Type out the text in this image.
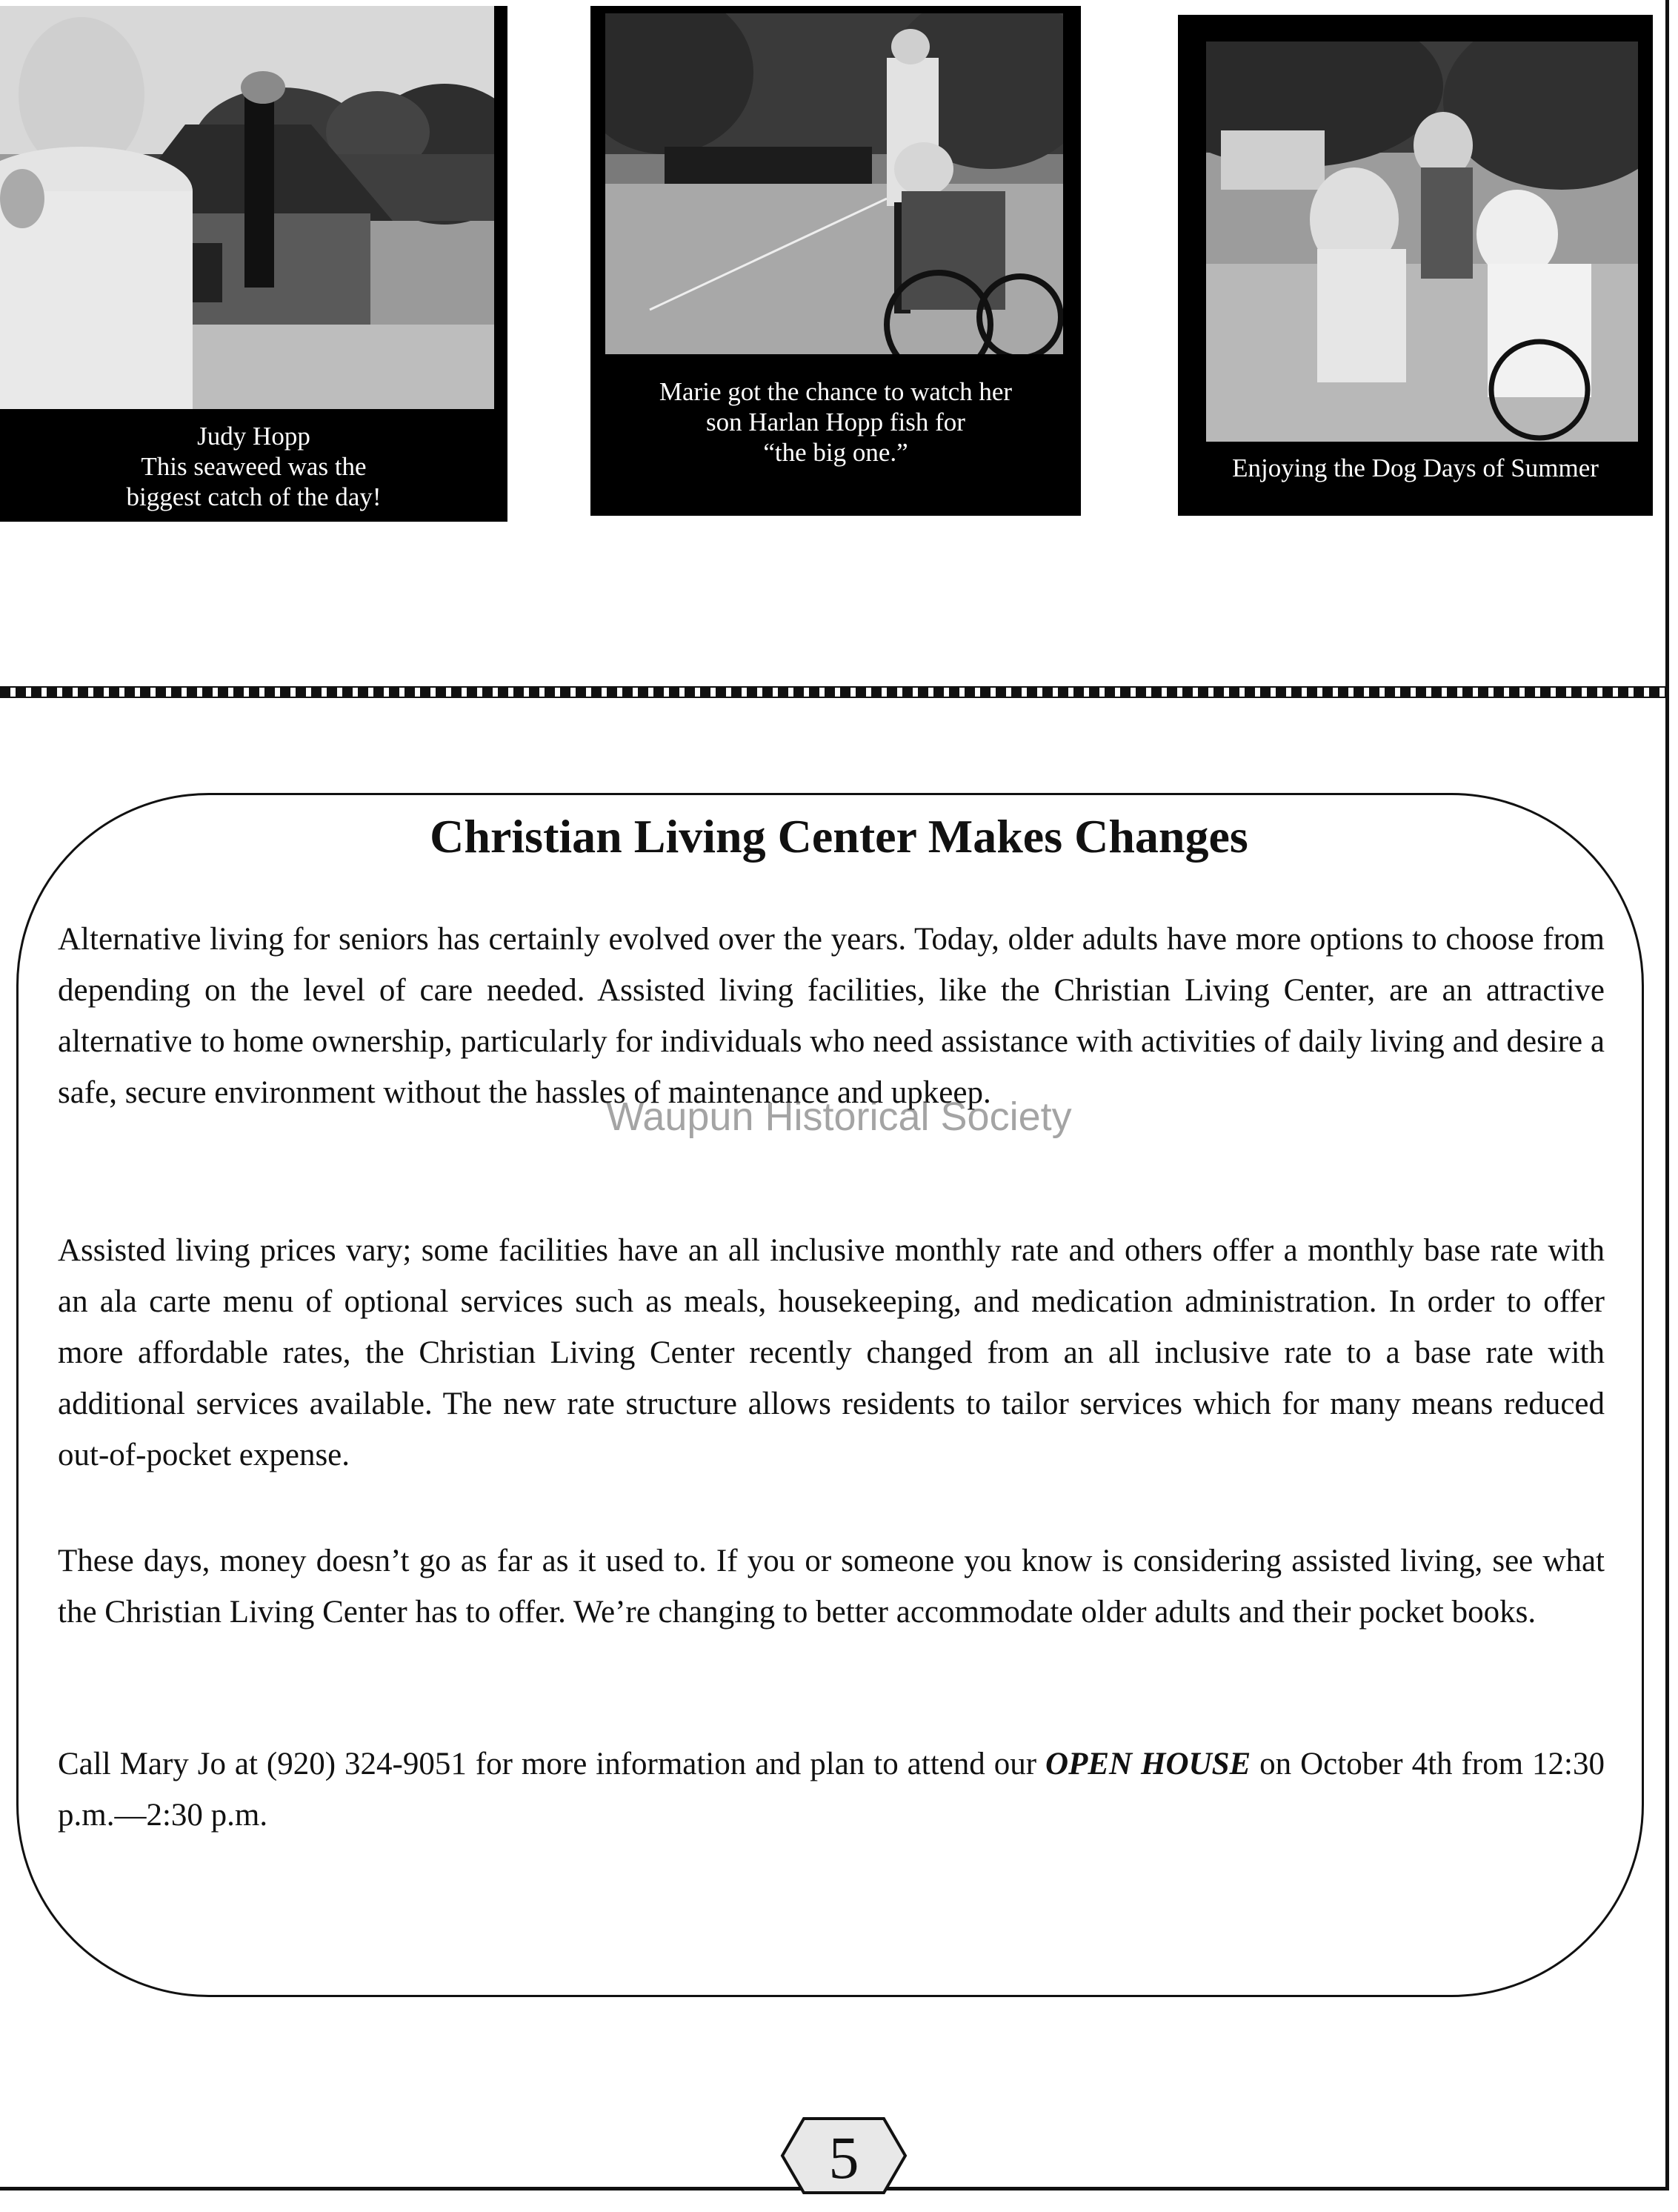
Judy Hopp
This seaweed was the
biggest catch of the day!
Marie got the chance to watch her
son Harlan Hopp fish for
“the big one.”
Enjoying the Dog Days of Summer
Christian Living Center Makes Changes

Alternative living for seniors has certainly evolved over the years. Today, older adults have more options to choose from depending on the level of care needed. Assisted living facilities, like the Christian Living Center, are an attractive alternative to home ownership, particularly for individuals who need assistance with activities of daily living and desire a safe, secure environment without the hassles of maintenance and upkeep.

Assisted living prices vary; some facilities have an all inclusive monthly rate and others offer a monthly base rate with an ala carte menu of optional services such as meals, housekeeping, and medication administration. In order to offer more affordable rates, the Christian Living Center recently changed from an all inclusive rate to a base rate with additional services available. The new rate structure allows residents to tailor services which for many means reduced out-of-pocket expense.

These days, money doesn’t go as far as it used to. If you or someone you know is considering assisted living, see what the Christian Living Center has to offer. We’re changing to better accommodate older adults and their pocket books.

Call Mary Jo at (920) 324-9051 for more information and plan to attend our OPEN HOUSE on October 4th from 12:30 p.m.—2:30 p.m.

Waupun Historical Society
5
